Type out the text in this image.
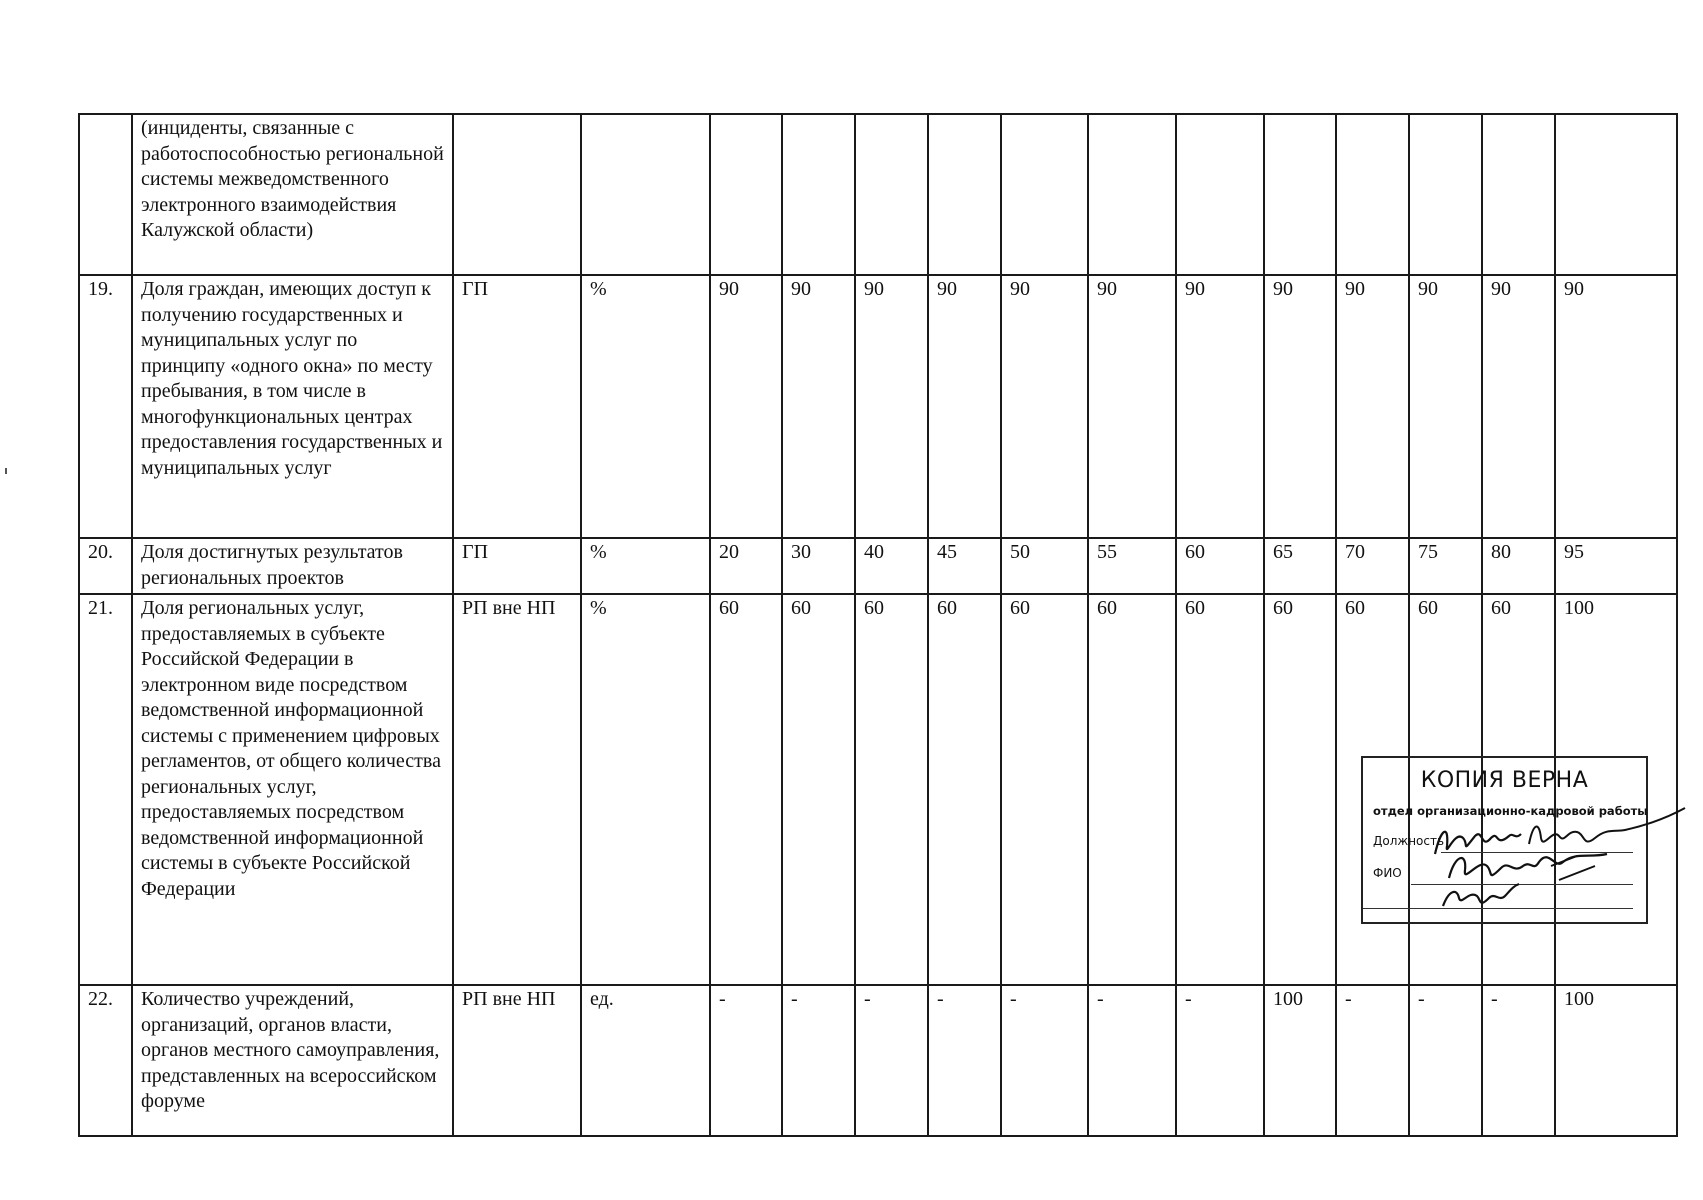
	(инциденты, связанные с работоспособностью региональной системы межведомственного электронного взаимодействия Калужской области)														
19.	Доля граждан, имеющих доступ к получению государственных и муниципальных услуг по принципу «одного окна» по месту пребывания, в том числе в многофункциональных центрах предоставления государственных и муниципальных услуг	ГП	%	90	90	90	90	90	90	90	90	90	90	90	90
20.	Доля достигнутых результатов региональных проектов	ГП	%	20	30	40	45	50	55	60	65	70	75	80	95
21.	Доля региональных услуг, предоставляемых в субъекте Российской Федерации в электронном виде посредством ведомственной информационной системы с применением цифровых регламентов, от общего количества региональных услуг, предоставляемых посредством ведомственной информационной системы в субъекте Российской Федерации	РП вне НП	%	60	60	60	60	60	60	60	60	60	60	60	100
22.	Количество учреждений, организаций, органов власти, органов местного самоуправления, представленных на всероссийском форуме	РП вне НП	ед.	-	-	-	-	-	-	-	100	-	-	-	100
КОПИЯ ВЕРНА
отдел организационно-кадровой работы
Должность
ФИО
